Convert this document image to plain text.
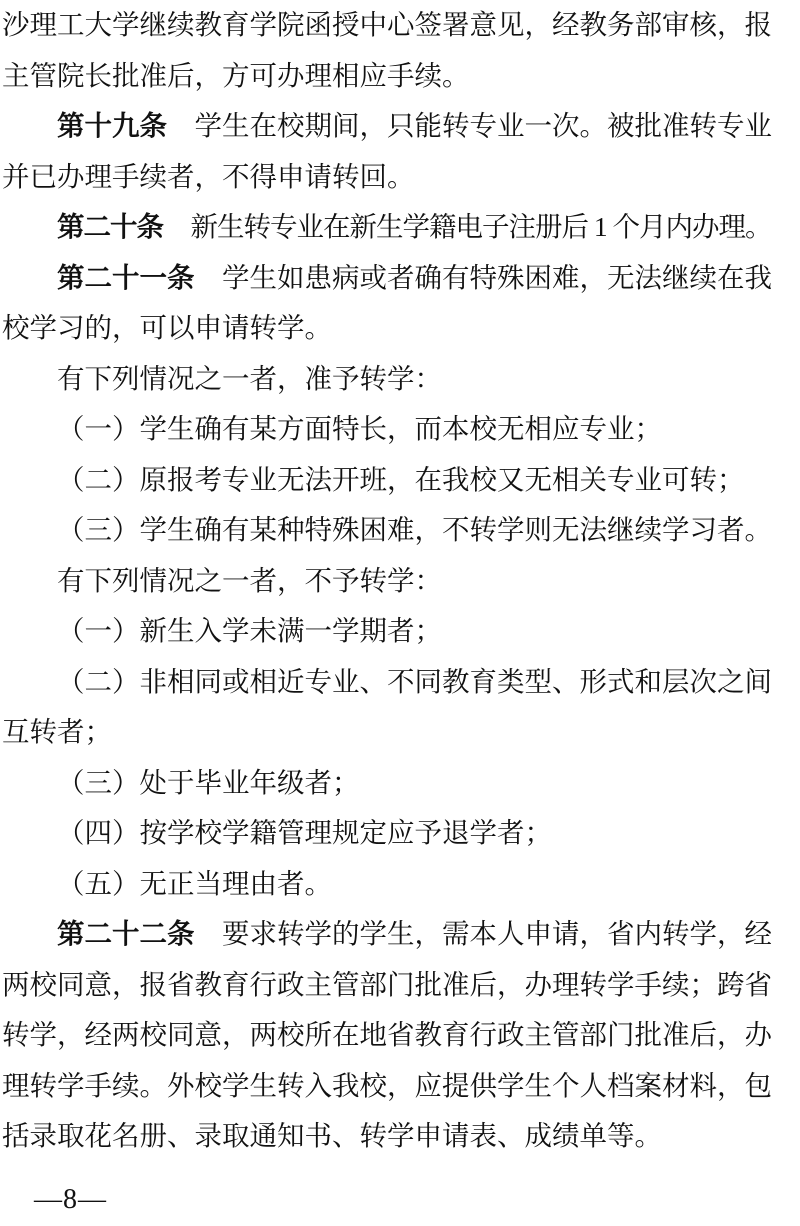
沙理工大学继续教育学院函授中心签署意见，经教务部审核，报主管院长批准后，方可办理相应手续。

第十九条 学生在校期间，只能转专业一次。被批准转专业并已办理手续者，不得申请转回。

第二十条 新生转专业在新生学籍电子注册后 1 个月内办理。

第二十一条 学生如患病或者确有特殊困难，无法继续在我校学习的，可以申请转学。

有下列情况之一者，准予转学：

（一）学生确有某方面特长，而本校无相应专业；

（二）原报考专业无法开班，在我校又无相关专业可转；

（三）学生确有某种特殊困难，不转学则无法继续学习者。

有下列情况之一者，不予转学：

（一）新生入学未满一学期者；

（二）非相同或相近专业、不同教育类型、形式和层次之间互转者；

（三）处于毕业年级者；

（四）按学校学籍管理规定应予退学者；

（五）无正当理由者。

第二十二条 要求转学的学生，需本人申请，省内转学，经两校同意，报省教育行政主管部门批准后，办理转学手续；跨省转学，经两校同意，两校所在地省教育行政主管部门批准后，办理转学手续。外校学生转入我校，应提供学生个人档案材料，包括录取花名册、录取通知书、转学申请表、成绩单等。

—8—
